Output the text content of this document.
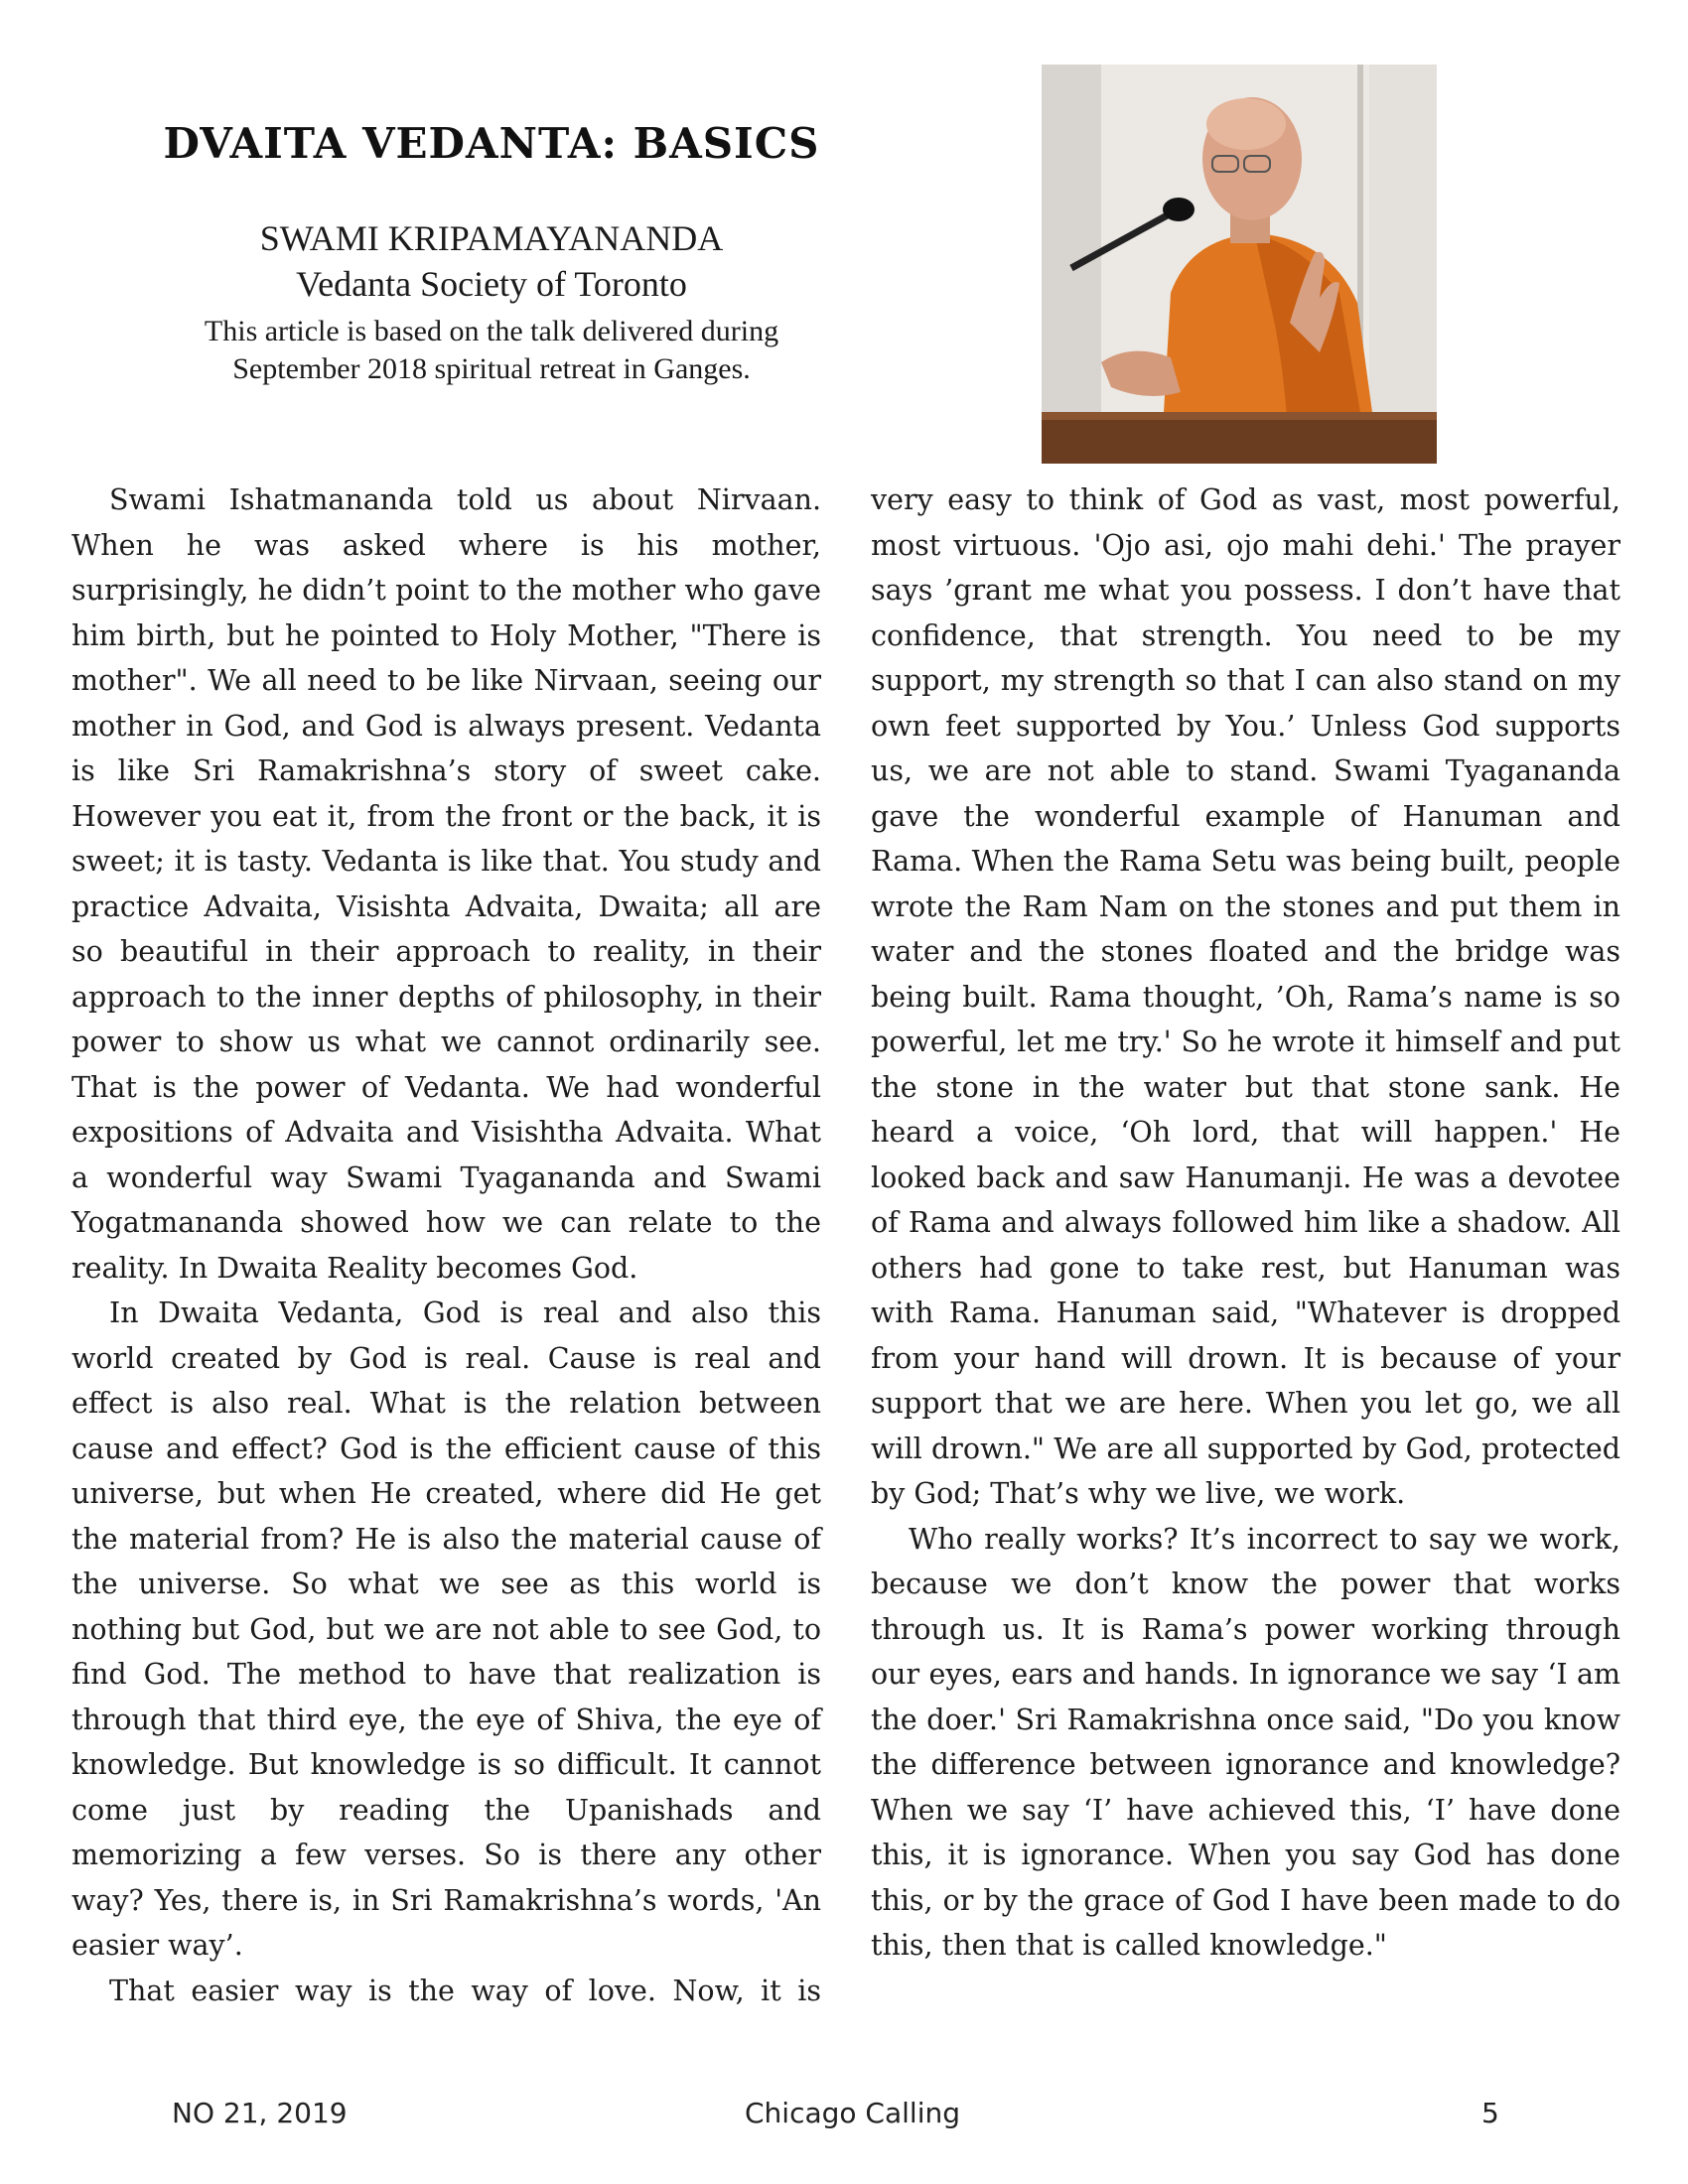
DVAITA VEDANTA: BASICS
SWAMI KRIPAMAYANANDA
Vedanta Society of Toronto
This article is based on the talk delivered during
September 2018 spiritual retreat in Ganges.

Swami Ishatmananda told us about Nirvaan. When he was asked where is his mother, surprisingly, he didn’t point to the mother who gave him birth, but he pointed to Holy Mother, "There is mother". We all need to be like Nirvaan, seeing our mother in God, and God is always present. Vedanta is like Sri Ramakrishna’s story of sweet cake. However you eat it, from the front or the back, it is sweet; it is tasty. Vedanta is like that. You study and practice Advaita, Visishta Advaita, Dwaita; all are so beautiful in their approach to reality, in their approach to the inner depths of philosophy, in their power to show us what we cannot ordinarily see. That is the power of Vedanta. We had wonderful expositions of Advaita and Visishtha Advaita. What a wonderful way Swami Tyagananda and Swami Yogatmananda showed how we can relate to the reality. In Dwaita Reality becomes God.

In Dwaita Vedanta, God is real and also this world created by God is real. Cause is real and effect is also real. What is the relation between cause and effect? God is the efficient cause of this universe, but when He created, where did He get the material from? He is also the material cause of the universe. So what we see as this world is nothing but God, but we are not able to see God, to find God. The method to have that realization is through that third eye, the eye of Shiva, the eye of knowledge. But knowledge is so difficult. It cannot come just by reading the Upanishads and memorizing a few verses. So is there any other way? Yes, there is, in Sri Ramakrishna’s words, 'An easier way’.

That easier way is the way of love. Now, it is

very easy to think of God as vast, most powerful, most virtuous. 'Ojo asi, ojo mahi dehi.' The prayer says ’grant me what you possess. I don’t have that confidence, that strength. You need to be my support, my strength so that I can also stand on my own feet supported by You.’ Unless God supports us, we are not able to stand. Swami Tyagananda gave the wonderful example of Hanuman and Rama. When the Rama Setu was being built, people wrote the Ram Nam on the stones and put them in water and the stones floated and the bridge was being built. Rama thought, ’Oh, Rama’s name is so powerful, let me try.' So he wrote it himself and put the stone in the water but that stone sank. He heard a voice, ‘Oh lord, that will happen.' He looked back and saw Hanumanji. He was a devotee of Rama and always followed him like a shadow. All others had gone to take rest, but Hanuman was with Rama. Hanuman said, "Whatever is dropped from your hand will drown. It is because of your support that we are here. When you let go, we all will drown." We are all supported by God, protected by God; That’s why we live, we work.

Who really works? It’s incorrect to say we work, because we don’t know the power that works through us. It is Rama’s power working through our eyes, ears and hands. In ignorance we say ‘I am the doer.' Sri Ramakrishna once said, "Do you know the difference between ignorance and knowledge? When we say ‘I’ have achieved this, ‘I’ have done this, it is ignorance. When you say God has done this, or by the grace of God I have been made to do this, then that is called knowledge."

NO 21, 2019	Chicago Calling	5
